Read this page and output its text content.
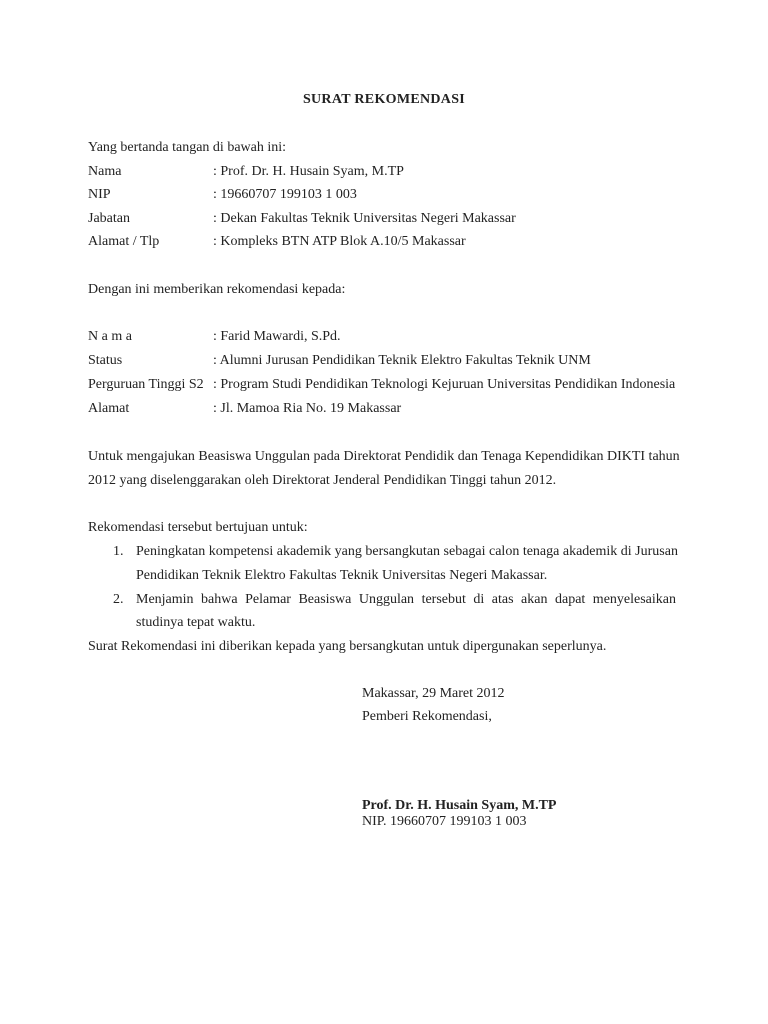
SURAT REKOMENDASI
Yang bertanda tangan di bawah ini:
Nama	: Prof. Dr. H. Husain Syam, M.TP
NIP	: 19660707 199103 1 003
Jabatan	: Dekan Fakultas Teknik Universitas Negeri Makassar
Alamat / Tlp	: Kompleks BTN ATP Blok A.10/5 Makassar
Dengan ini memberikan rekomendasi kepada:
N a m a	: Farid Mawardi, S.Pd.
Status	: Alumni Jurusan Pendidikan Teknik Elektro Fakultas Teknik UNM
Perguruan Tinggi S2 : Program Studi Pendidikan Teknologi Kejuruan Universitas Pendidikan Indonesia
Alamat	: Jl. Mamoa Ria No. 19 Makassar
Untuk mengajukan Beasiswa Unggulan pada Direktorat Pendidik dan Tenaga Kependidikan DIKTI tahun
2012 yang diselenggarakan oleh Direktorat Jenderal Pendidikan Tinggi tahun 2012.
Rekomendasi tersebut bertujuan untuk:
1. Peningkatan kompetensi akademik yang bersangkutan sebagai calon tenaga akademik di Jurusan
Pendidikan Teknik Elektro Fakultas Teknik Universitas Negeri Makassar.
2. Menjamin bahwa Pelamar Beasiswa Unggulan tersebut di atas akan dapat menyelesaikan
studinya tepat waktu.
Surat Rekomendasi ini diberikan kepada yang bersangkutan untuk dipergunakan seperlunya.
Makassar, 29 Maret 2012
Pemberi Rekomendasi,
Prof. Dr. H. Husain Syam, M.TP
NIP. 19660707 199103 1 003
